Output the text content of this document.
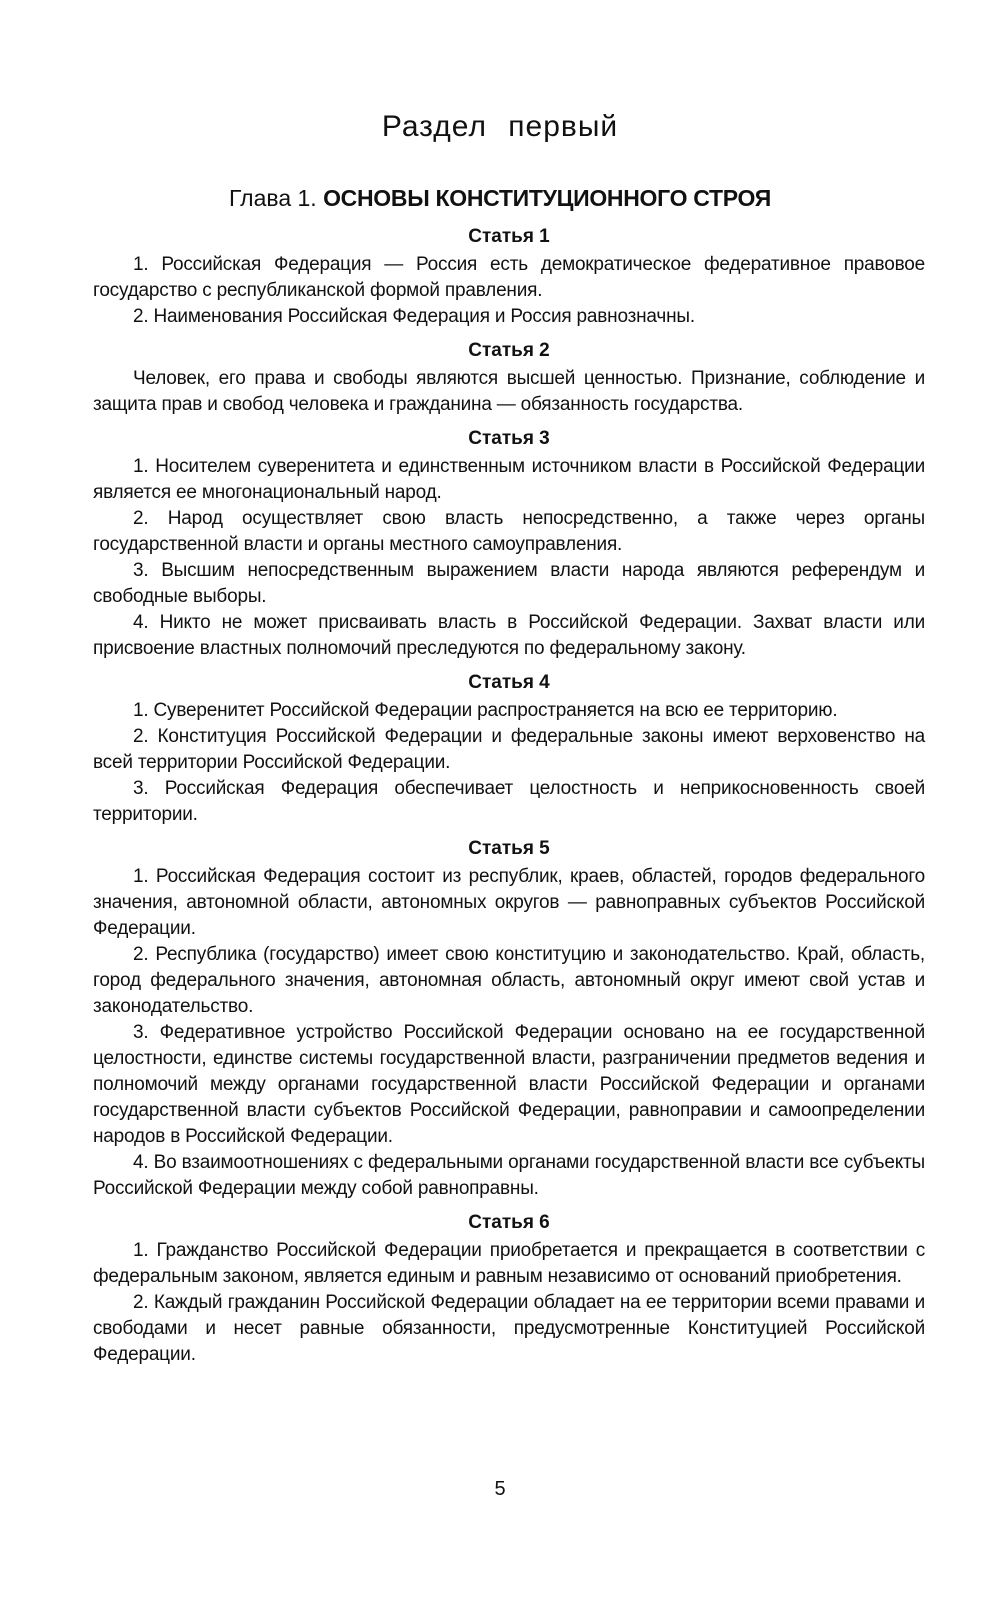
Раздел первый
Глава 1. ОСНОВЫ КОНСТИТУЦИОННОГО СТРОЯ
Статья 1

1. Российская Федерация — Россия есть демократическое федеративное правовое государство с республиканской формой правления.

2. Наименования Российская Федерация и Россия равнозначны.

Статья 2

Человек, его права и свободы являются высшей ценностью. Признание, соблюдение и защита прав и свобод человека и гражданина — обязанность государства.

Статья 3

1. Носителем суверенитета и единственным источником власти в Российской Федерации является ее многонациональный народ.

2. Народ осуществляет свою власть непосредственно, а также через органы государственной власти и органы местного самоуправления.

3. Высшим непосредственным выражением власти народа являются референдум и свободные выборы.

4. Никто не может присваивать власть в Российской Федерации. Захват власти или присвоение властных полномочий преследуются по федеральному закону.

Статья 4

1. Суверенитет Российской Федерации распространяется на всю ее территорию.

2. Конституция Российской Федерации и федеральные законы имеют верховенство на всей территории Российской Федерации.

3. Российская Федерация обеспечивает целостность и неприкосновенность своей территории.

Статья 5

1. Российская Федерация состоит из республик, краев, областей, городов федерального значения, автономной области, автономных округов — равноправных субъектов Российской Федерации.

2. Республика (государство) имеет свою конституцию и законодательство. Край, область, город федерального значения, автономная область, автономный округ имеют свой устав и законодательство.

3. Федеративное устройство Российской Федерации основано на ее государственной целостности, единстве системы государственной власти, разграничении предметов ведения и полномочий между органами государственной власти Российской Федерации и органами государственной власти субъектов Российской Федерации, равноправии и самоопределении народов в Российской Федерации.

4. Во взаимоотношениях с федеральными органами государственной власти все субъекты Российской Федерации между собой равноправны.

Статья 6

1. Гражданство Российской Федерации приобретается и прекращается в соответствии с федеральным законом, является единым и равным независимо от оснований приобретения.

2. Каждый гражданин Российской Федерации обладает на ее территории всеми правами и свободами и несет равные обязанности, предусмотренные Конституцией Российской Федерации.

5
